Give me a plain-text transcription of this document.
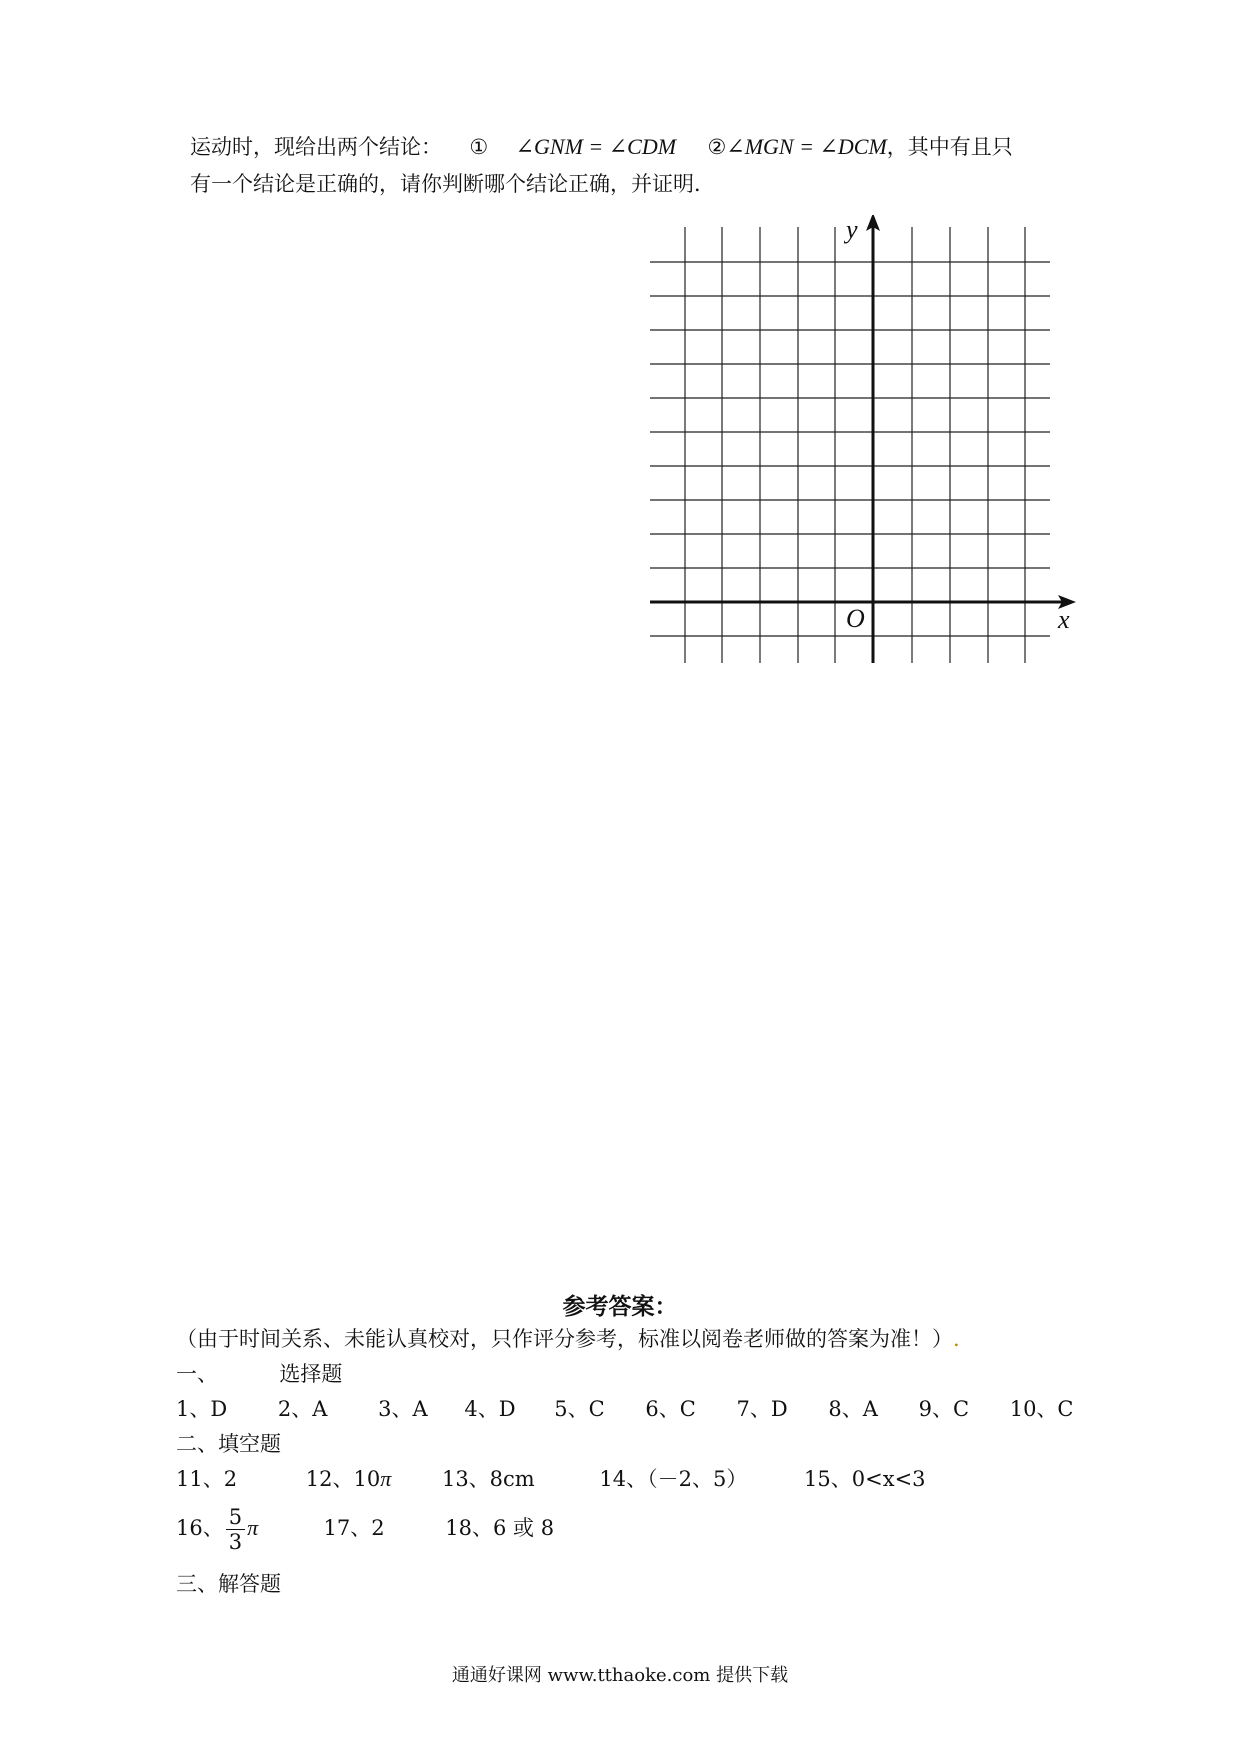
运动时，现给出两个结论： ① ∠GNM = ∠CDM ②∠MGN = ∠DCM，其中有且只
有一个结论是正确的，请你判断哪个结论正确，并证明．
x
y
O
参考答案：
（由于时间关系、未能认真校对，只作评分参考，标准以阅卷老师做的答案为准！）.
一、	选择题
1、D 2、A 3、A 4、D 5、C 6、C 7、D 8、A 9、C 10、C
二、填空题
11、2	12、10π 13、8cm	14、（－2、5）	15、0<x<3
16、 $\frac{5}{3}$ π	17、2	18、6 或 8
三、解答题
通通好课网 www.tthaoke.com 提供下载
